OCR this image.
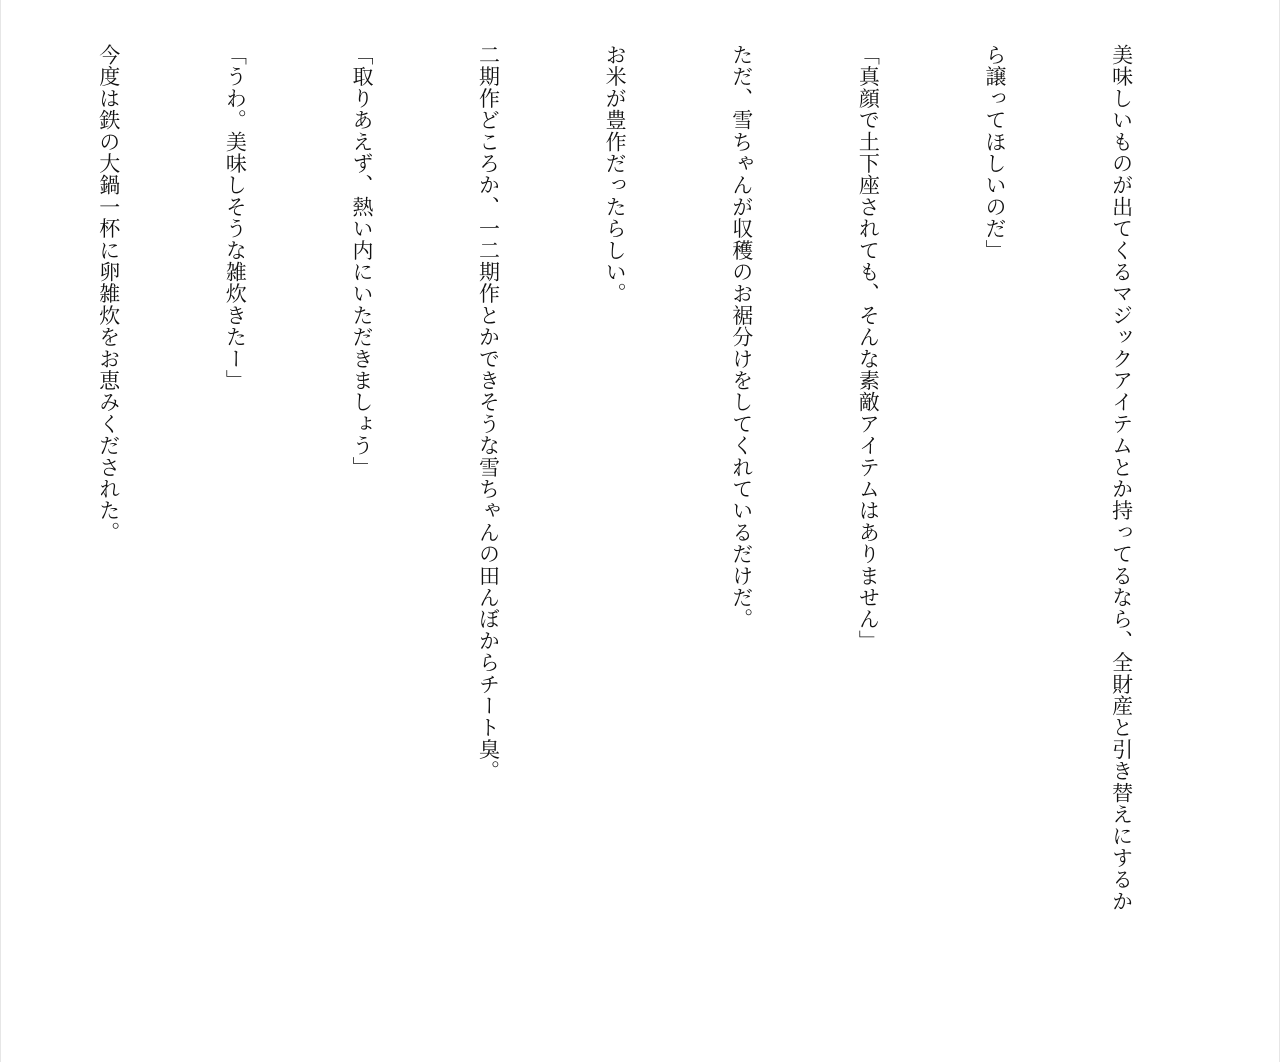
美味しいものが出てくるマジックアイテムとか持ってるなら、全財産と引き替えにするか

ら譲ってほしいのだ」

「真顔で土下座されても、そんな素敵アイテムはありません」

ただ、雪ちゃんが収穫のお裾分けをしてくれているだけだ。

お米が豊作だったらしい。

二期作どころか、一二期作とかできそうな雪ちゃんの田んぼからチート臭。

「取りあえず、熱い内にいただきましょう」

「うわ。美味しそうな雑炊きたー」

今度は鉄の大鍋一杯に卵雑炊をお恵みくだされた。
